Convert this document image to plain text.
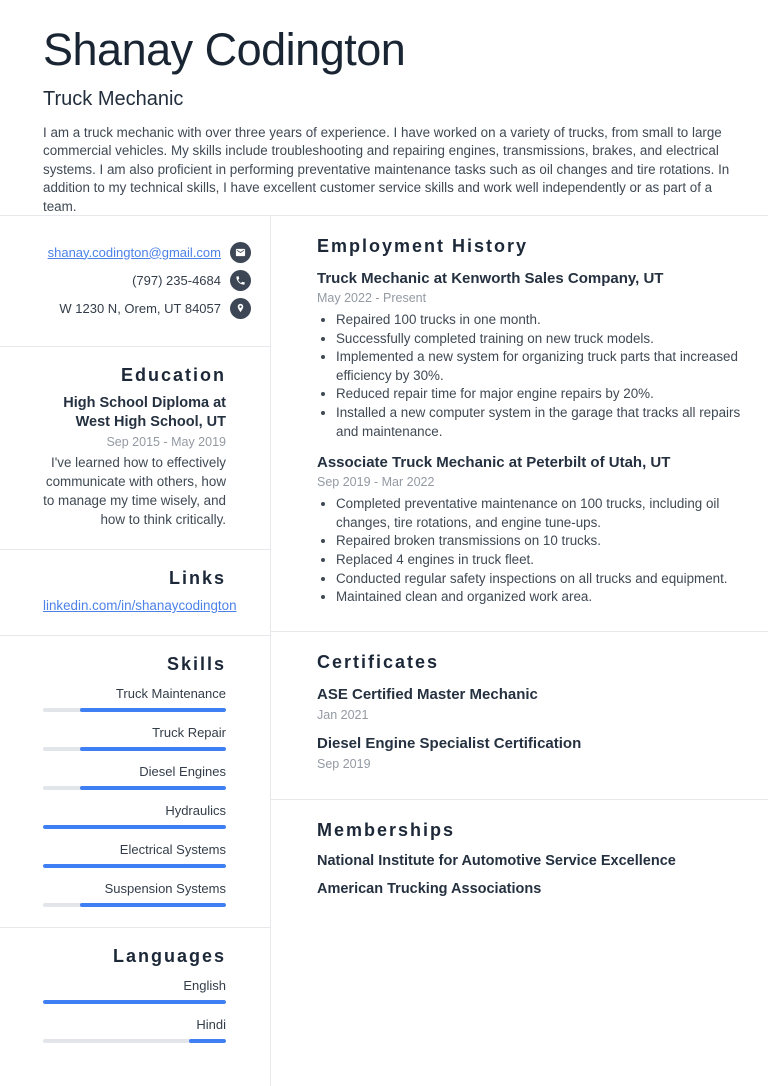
Shanay Codington
Truck Mechanic

I am a truck mechanic with over three years of experience. I have worked on a variety of trucks, from small to large commercial vehicles. My skills include troubleshooting and repairing engines, transmissions, brakes, and electrical systems. I am also proficient in performing preventative maintenance tasks such as oil changes and tire rotations. In addition to my technical skills, I have excellent customer service skills and work well independently or as part of a team.

shanay.codington@gmail.com
(797) 235-4684
W 1230 N, Orem, UT 84057
Education
High School Diploma at West High School, UT
Sep 2015 - May 2019

I've learned how to effectively communicate with others, how to manage my time wisely, and how to think critically.

Links
linkedin.com/in/shanaycodington
Skills
Truck Maintenance
Truck Repair
Diesel Engines
Hydraulics
Electrical Systems
Suspension Systems
Languages
English
Hindi
Employment History
Truck Mechanic at Kenworth Sales Company, UT
May 2022 - Present
• Repaired 100 trucks in one month.
• Successfully completed training on new truck models.
• Implemented a new system for organizing truck parts that increased efficiency by 30%.
• Reduced repair time for major engine repairs by 20%.
• Installed a new computer system in the garage that tracks all repairs and maintenance.
Associate Truck Mechanic at Peterbilt of Utah, UT
Sep 2019 - Mar 2022
• Completed preventative maintenance on 100 trucks, including oil changes, tire rotations, and engine tune-ups.
• Repaired broken transmissions on 10 trucks.
• Replaced 4 engines in truck fleet.
• Conducted regular safety inspections on all trucks and equipment.
• Maintained clean and organized work area.
Certificates
ASE Certified Master Mechanic
Jan 2021
Diesel Engine Specialist Certification
Sep 2019
Memberships
National Institute for Automotive Service Excellence
American Trucking Associations
